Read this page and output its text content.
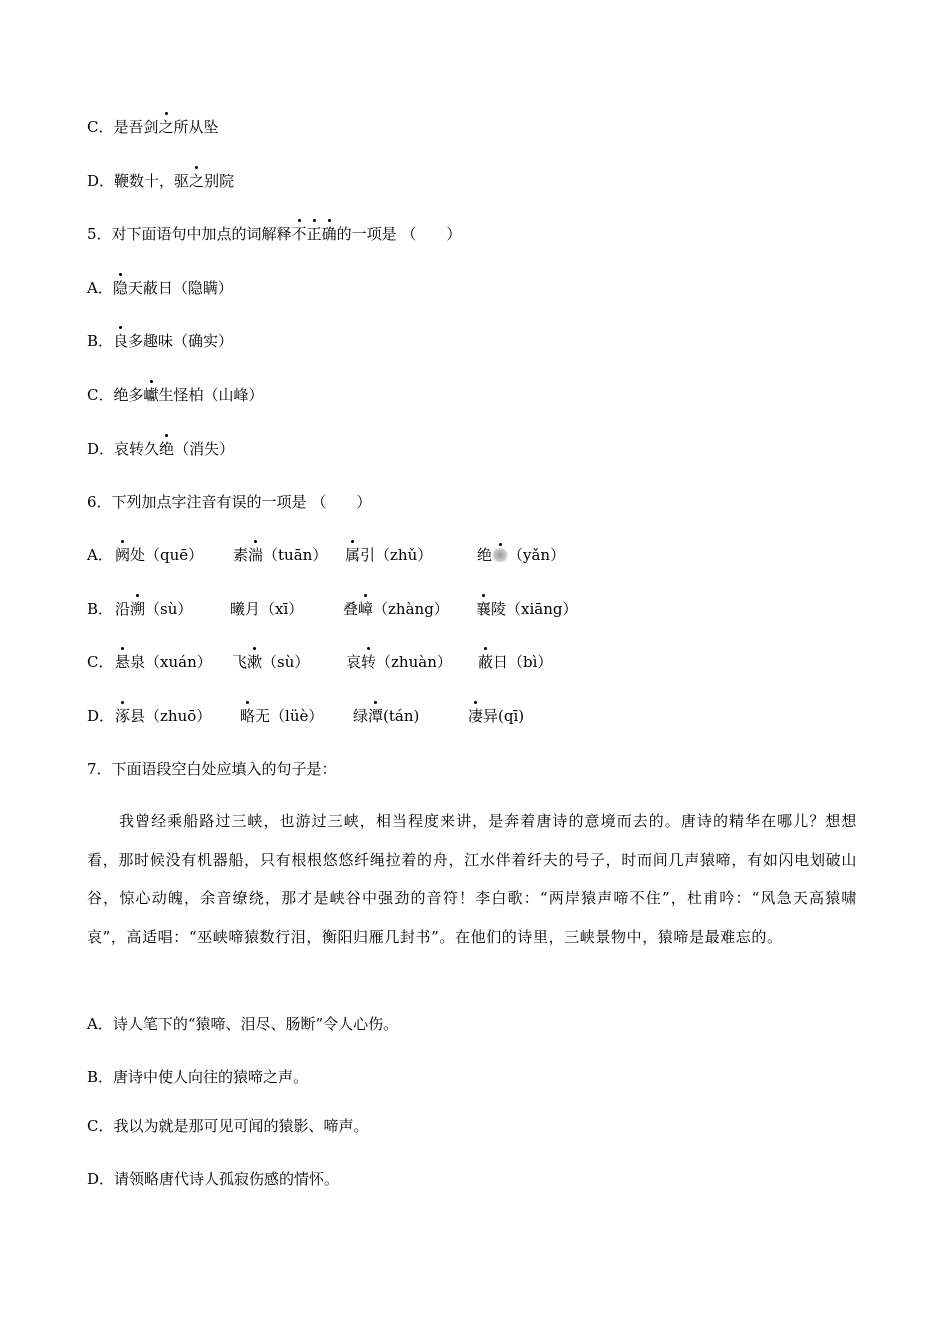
C．是吾剑之所从坠
D．鞭数十，驱之别院
5．对下面语句中加点的词解释不正确的一项是 （　　）
A．隐天蔽日（隐瞒）
B．良多趣味（确实）
C．绝多巘生怪柏（山峰）
D．哀转久绝（消失）
6．下列加点字注音有误的一项是 （　　）
A． 阙处（quē） 素湍（tuān） 属引（zhǔ）	绝 （yǎn）
B． 沿溯（sù）	曦月（xī）	叠嶂（zhàng） 襄陵（xiāng）
C． 悬泉（xuán） 飞漱（sù） 哀转（zhuàn） 蔽日（bì）
D． 涿县（zhuō） 略无（lüè） 绿潭(tán)	凄异(qī)
7．下面语段空白处应填入的句子是：
我曾经乘船路过三峡，也游过三峡，相当程度来讲，是奔着唐诗的意境而去的。唐诗的精华在哪儿？想想看，那时候没有机器船，只有根根悠悠纤绳拉着的舟，江水伴着纤夫的号子，时而间几声猿啼，有如闪电划破山谷，惊心动魄，余音缭绕，那才是峡谷中强劲的音符！李白歌：“两岸猿声啼不住”，杜甫吟：“风急天高猿啸哀”，高适唱：“巫峡啼猿数行泪，衡阳归雁几封书”。在他们的诗里，三峡景物中，猿啼是最难忘的。
A．诗人笔下的“猿啼、泪尽、肠断”令人心伤。
B．唐诗中使人向往的猿啼之声。
C．我以为就是那可见可闻的猿影、啼声。
D．请领略唐代诗人孤寂伤感的情怀。
